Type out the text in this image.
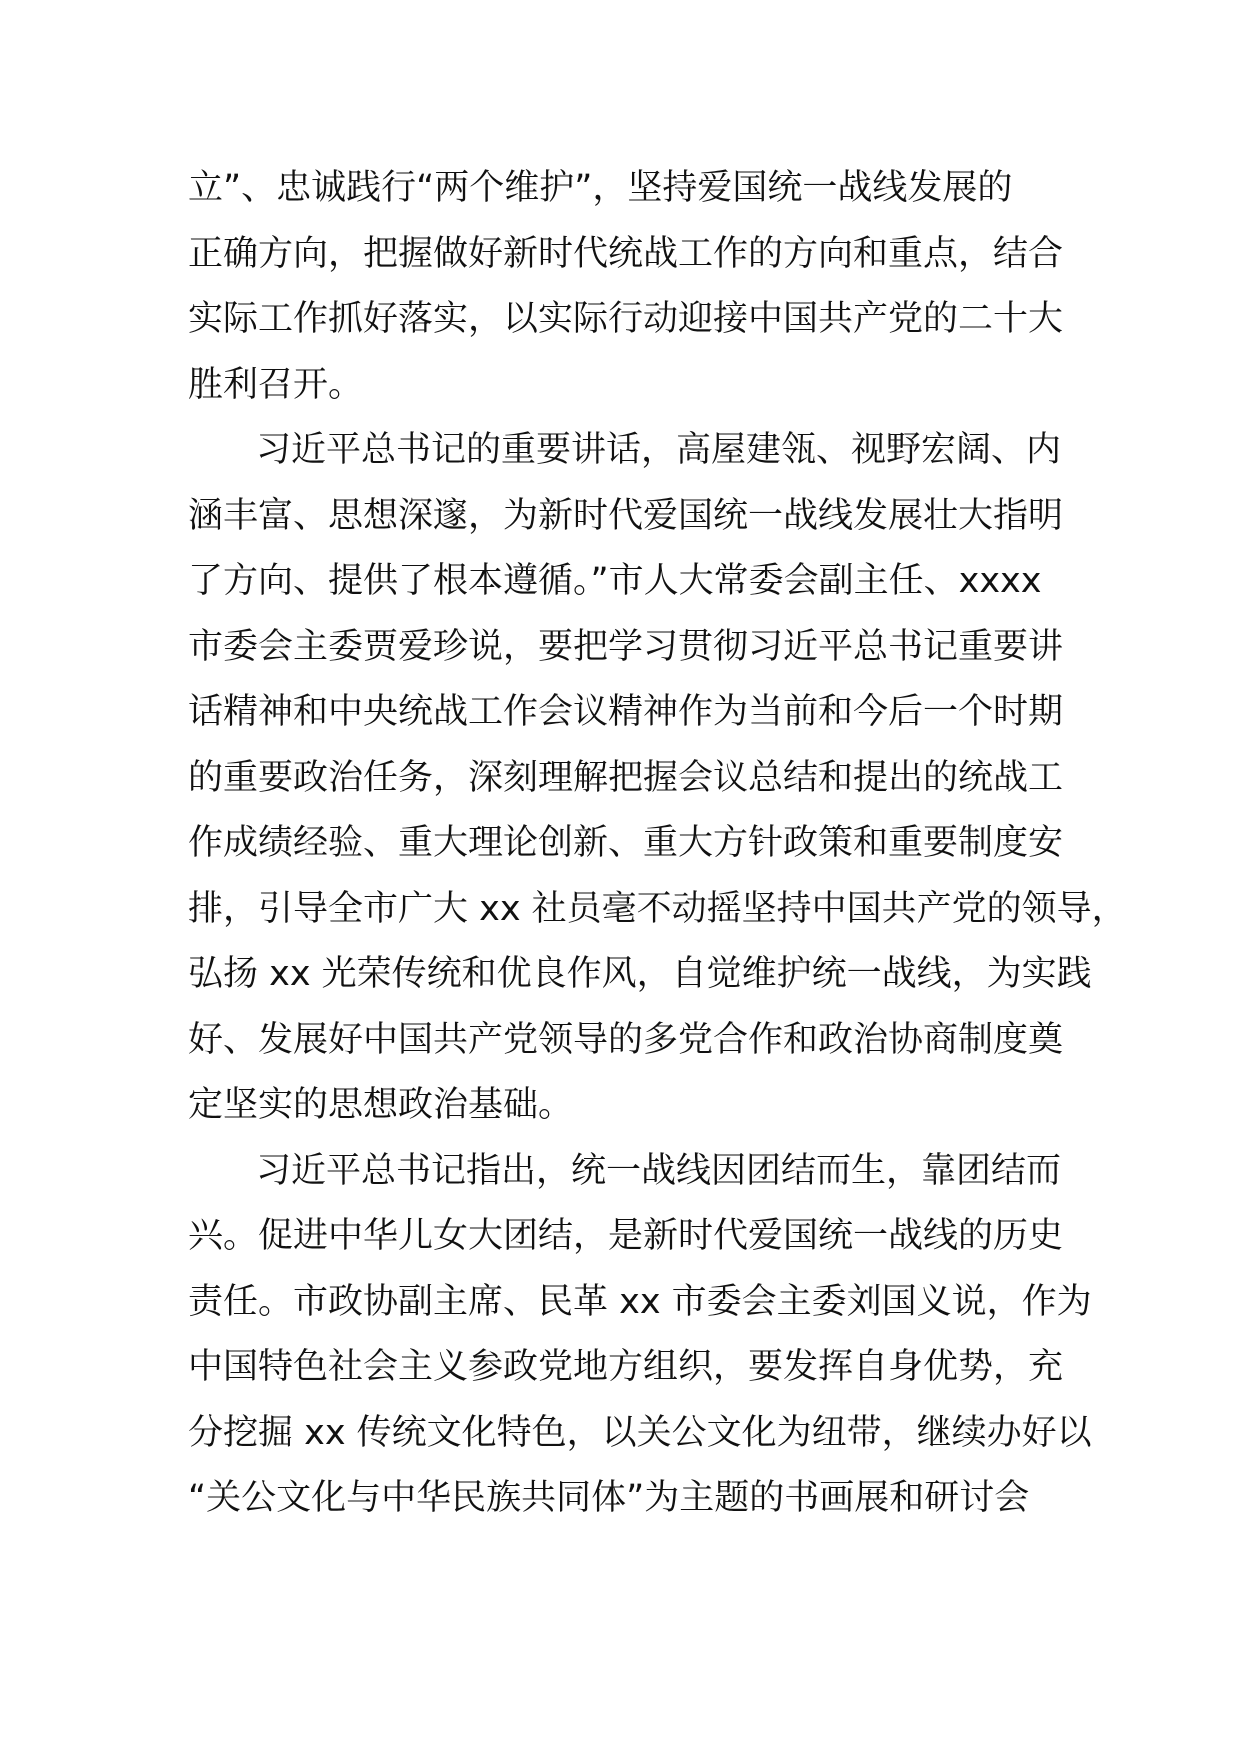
立”、忠诚践行“两个维护”，坚持爱国统一战线发展的
正确方向，把握做好新时代统战工作的方向和重点，结合
实际工作抓好落实，以实际行动迎接中国共产党的二十大
胜利召开。
习近平总书记的重要讲话，高屋建瓴、视野宏阔、内
涵丰富、思想深邃，为新时代爱国统一战线发展壮大指明
了方向、提供了根本遵循。”市人大常委会副主任、xxxx
市委会主委贾爱珍说，要把学习贯彻习近平总书记重要讲
话精神和中央统战工作会议精神作为当前和今后一个时期
的重要政治任务，深刻理解把握会议总结和提出的统战工
作成绩经验、重大理论创新、重大方针政策和重要制度安
排，引导全市广大 xx 社员毫不动摇坚持中国共产党的领导，
弘扬 xx 光荣传统和优良作风，自觉维护统一战线，为实践
好、发展好中国共产党领导的多党合作和政治协商制度奠
定坚实的思想政治基础。
习近平总书记指出，统一战线因团结而生，靠团结而
兴。促进中华儿女大团结，是新时代爱国统一战线的历史
责任。市政协副主席、民革 xx 市委会主委刘国义说，作为
中国特色社会主义参政党地方组织，要发挥自身优势，充
分挖掘 xx 传统文化特色，以关公文化为纽带，继续办好以
“关公文化与中华民族共同体”为主题的书画展和研讨会
